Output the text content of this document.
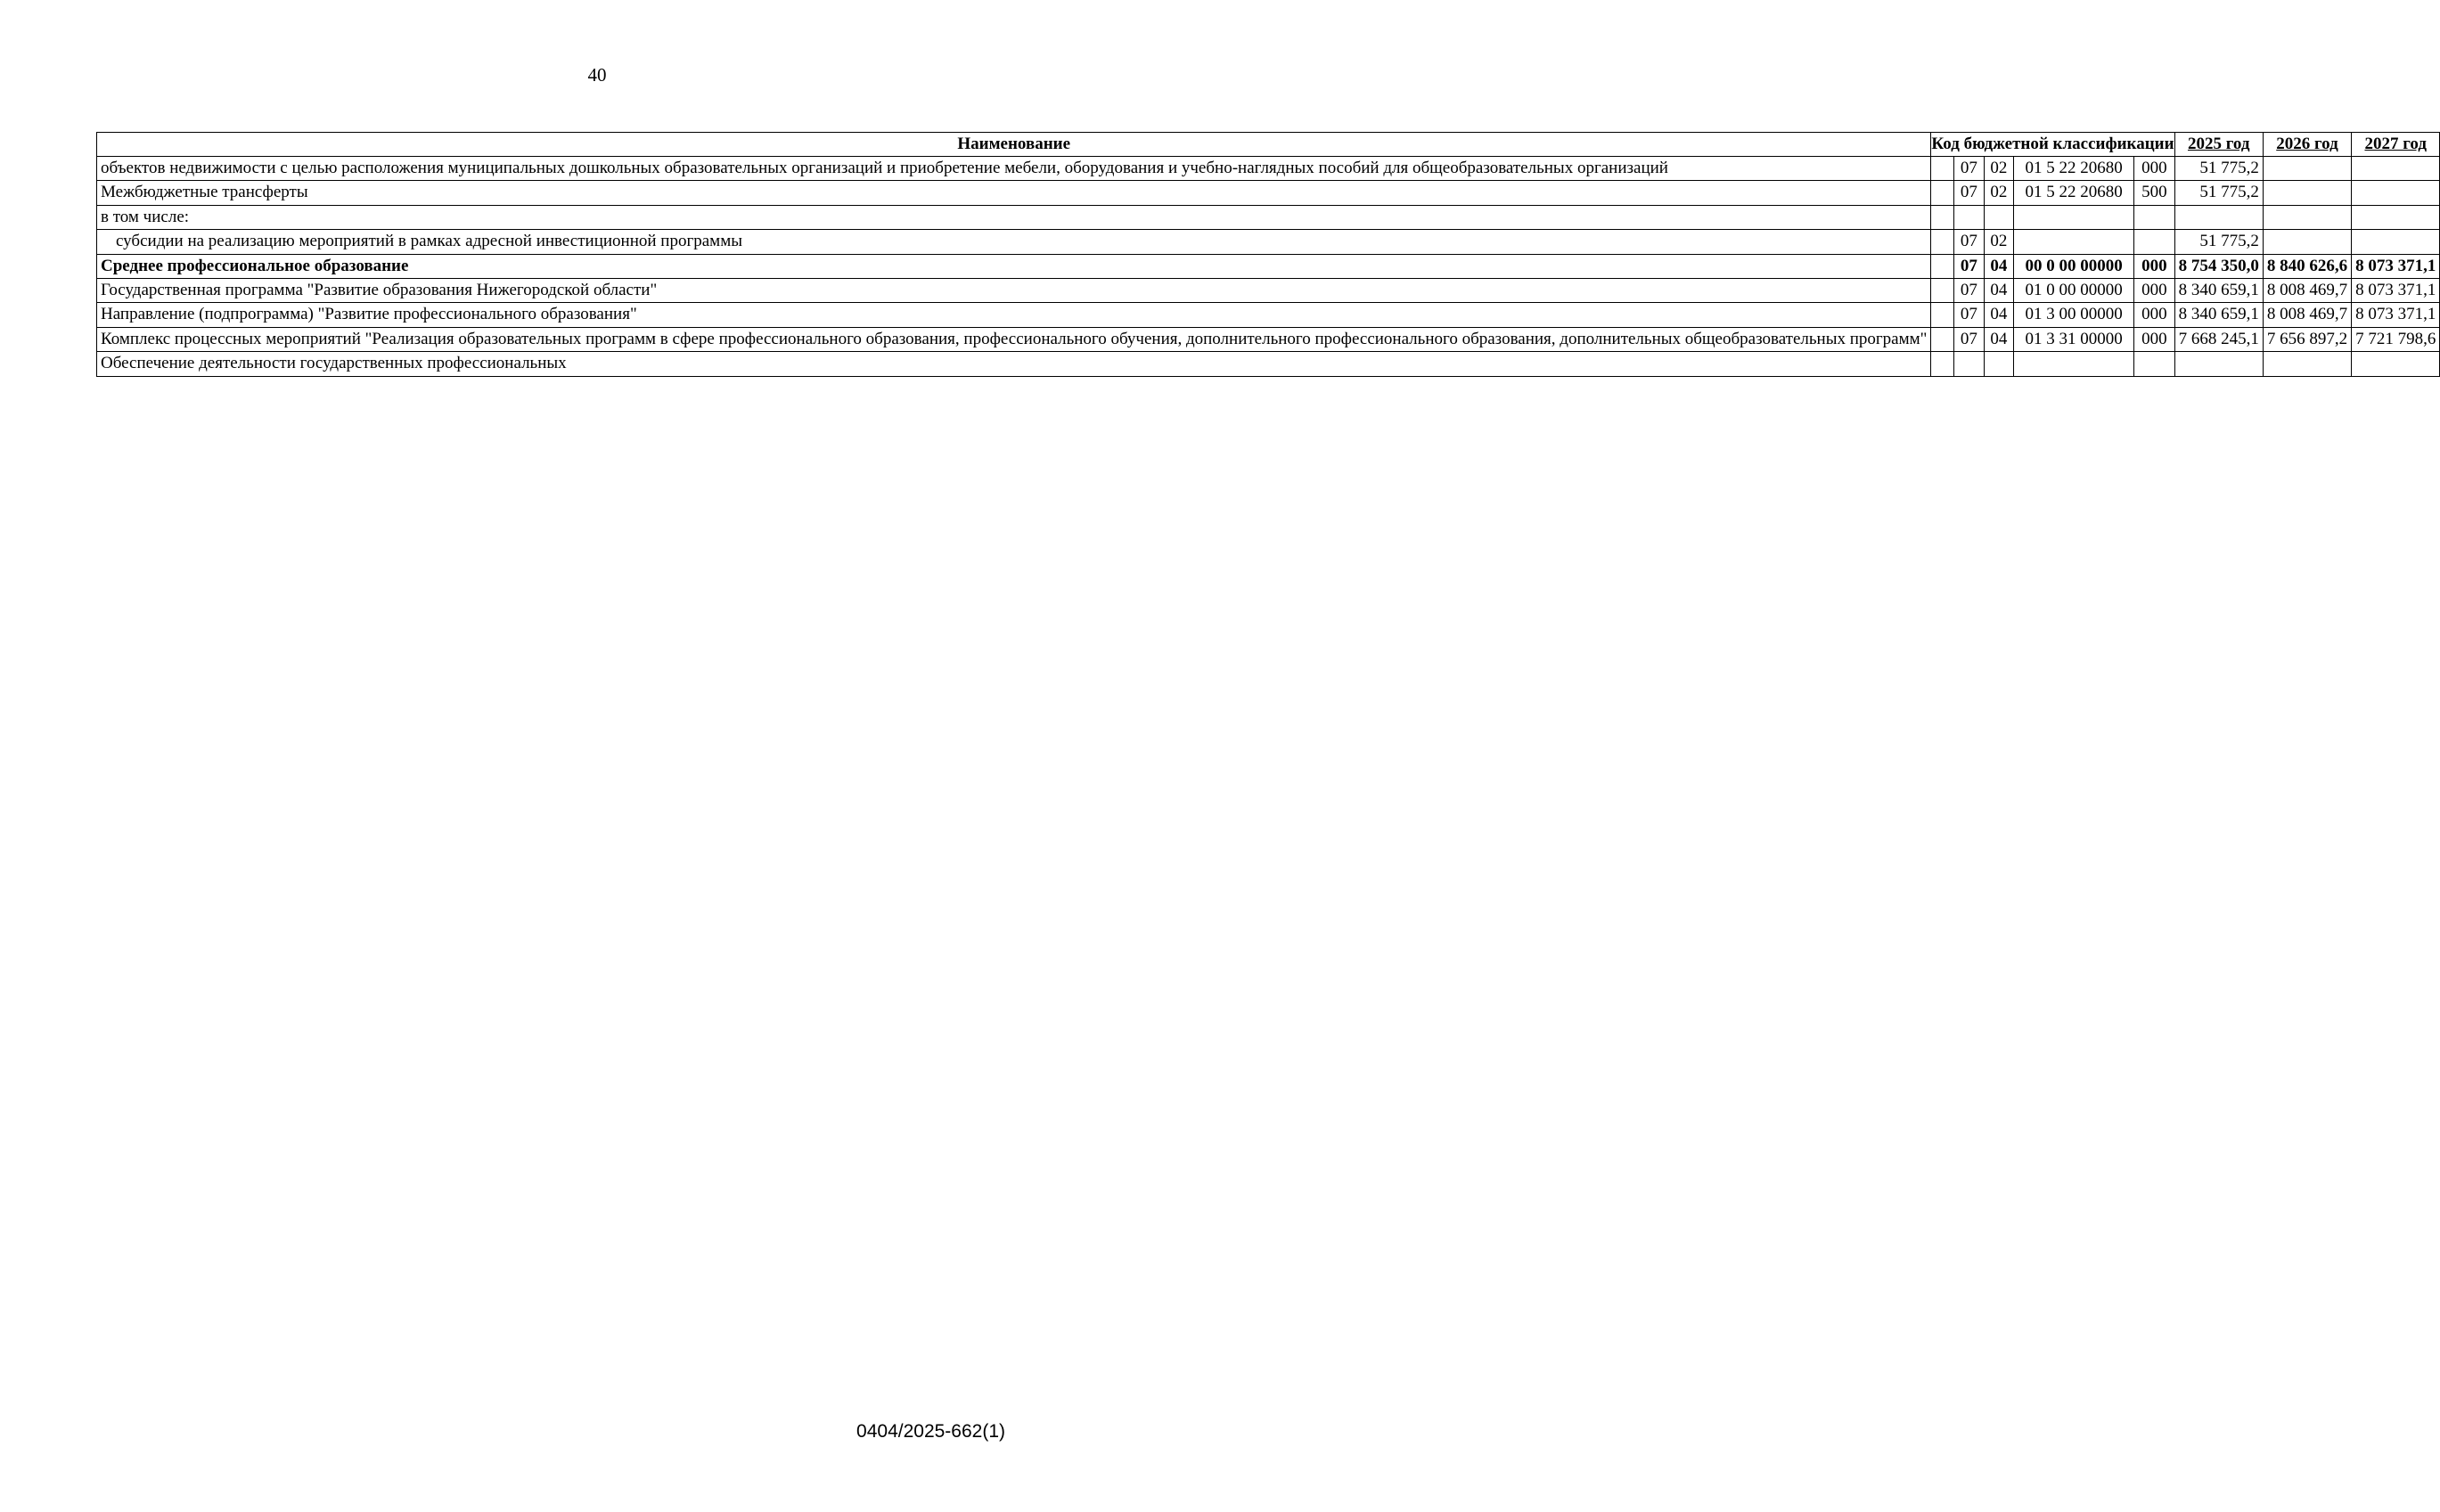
40
Наименование	Код бюджетной классификации					2025 год	2026 год	2027 год
объектов недвижимости с целью расположения муниципальных дошкольных образовательных организаций и приобретение мебели, оборудования и учебно-наглядных пособий для общеобразовательных организаций		07	02	01 5 22 20680	000	51 775,2		
Межбюджетные трансферты		07	02	01 5 22 20680	500	51 775,2		
в том числе:								

субсидии на реализацию мероприятий в рамках адресной инвестиционной программы		07	02			51 775,2		
Среднее профессиональное образование		07	04	00 0 00 00000	000	8 754 350,0	8 840 626,6	8 073 371,1
Государственная программа "Развитие образования Нижегородской области"		07	04	01 0 00 00000	000	8 340 659,1	8 008 469,7	8 073 371,1
Направление (подпрограмма) "Развитие профессионального образования"		07	04	01 3 00 00000	000	8 340 659,1	8 008 469,7	8 073 371,1
Комплекс процессных мероприятий "Реализация образовательных программ в сфере профессионального образования, профессионального обучения, дополнительного профессионального образования, дополнительных общеобразовательных программ"		07	04	01 3 31 00000	000	7 668 245,1	7 656 897,2	7 721 798,6
Обеспечение деятельности государственных профессиональных								
0404/2025-662(1)
